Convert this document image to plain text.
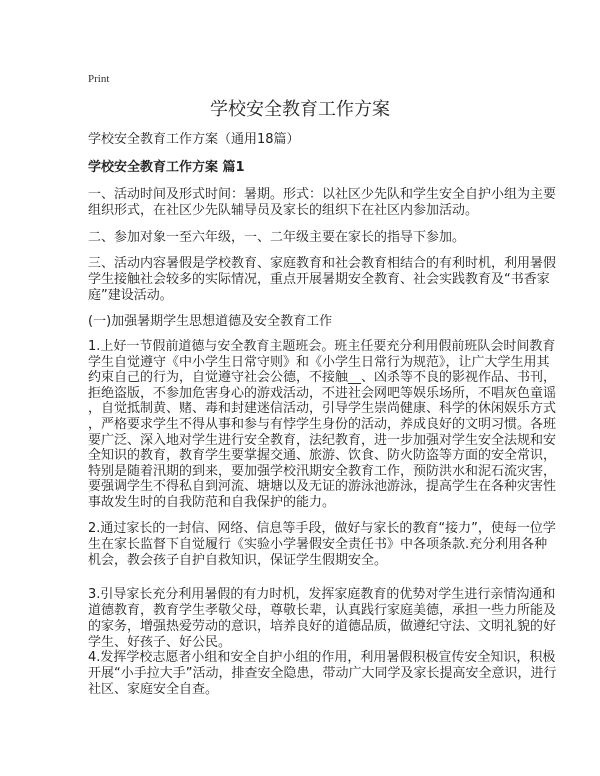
Print
学校安全教育工作方案
学校安全教育工作方案（通用18篇）
学校安全教育工作方案 篇1
一、活动时间及形式时间：暑期。形式：以社区少先队和学生安全自护小组为主要
组织形式，在社区少先队辅导员及家长的组织下在社区内参加活动。
二、参加对象一至六年级，一、二年级主要在家长的指导下参加。
三、活动内容暑假是学校教育、家庭教育和社会教育相结合的有利时机，利用暑假
学生接触社会较多的实际情况，重点开展暑期安全教育、社会实践教育及“书香家
庭”建设活动。
(一)加强暑期学生思想道德及安全教育工作
1.上好一节假前道德与安全教育主题班会。班主任要充分利用假前班队会时间教育
学生自觉遵守《中小学生日常守则》和《小学生日常行为规范》，让广大学生用其
约束自己的行为，自觉遵守社会公德，不接触__、凶杀等不良的影视作品、书刊，
拒绝盗版，不参加危害身心的游戏活动，不进社会网吧等娱乐场所，不唱灰色童谣
，自觉抵制黄、赌、毒和封建迷信活动，引导学生崇尚健康、科学的休闲娱乐方式
，严格要求学生不得从事和参与有悖学生身份的活动，养成良好的文明习惯。各班
要广泛、深入地对学生进行安全教育，法纪教育，进一步加强对学生安全法规和安
全知识的教育，教育学生要掌握交通、旅游、饮食、防火防盗等方面的安全常识，
特别是随着汛期的到来，要加强学校汛期安全教育工作，预防洪水和泥石流灾害，
要强调学生不得私自到河流、塘塘以及无证的游泳池游泳，提高学生在各种灾害性
事故发生时的自我防范和自我保护的能力。
2.通过家长的一封信、网络、信息等手段，做好与家长的教育“接力”，使每一位学
生在家长监督下自觉履行《实验小学暑假安全责任书》中各项条款.充分利用各种
机会，教会孩子自护自救知识，保证学生假期安全。
3.引导家长充分利用暑假的有力时机，发挥家庭教育的优势对学生进行亲情沟通和
道德教育，教育学生孝敬父母，尊敬长辈，认真践行家庭美德，承担一些力所能及
的家务，增强热爱劳动的意识，培养良好的道德品质，做遵纪守法、文明礼貌的好
学生、好孩子、好公民。
4.发挥学校志愿者小组和安全自护小组的作用，利用暑假积极宣传安全知识，积极
开展“小手拉大手”活动，排查安全隐患，带动广大同学及家长提高安全意识，进行
社区、家庭安全自查。
